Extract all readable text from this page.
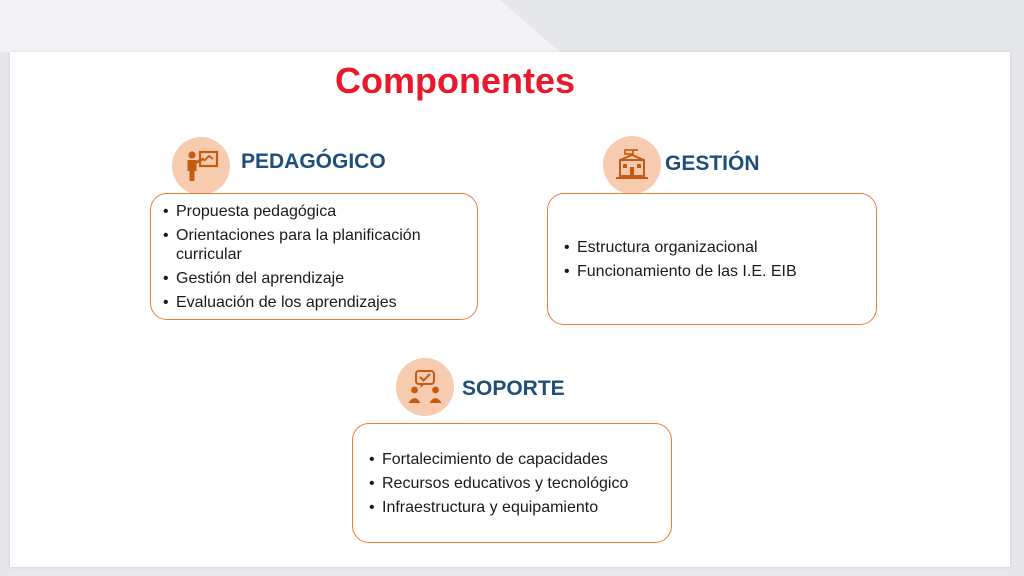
Componentes
PEDAGÓGICO
• Propuesta pedagógica
• Orientaciones para la planificación curricular
• Gestión del aprendizaje
• Evaluación de los aprendizajes
GESTIÓN
• Estructura organizacional
• Funcionamiento de las I.E. EIB
SOPORTE
• Fortalecimiento de capacidades
• Recursos educativos y tecnológico
• Infraestructura y equipamiento
